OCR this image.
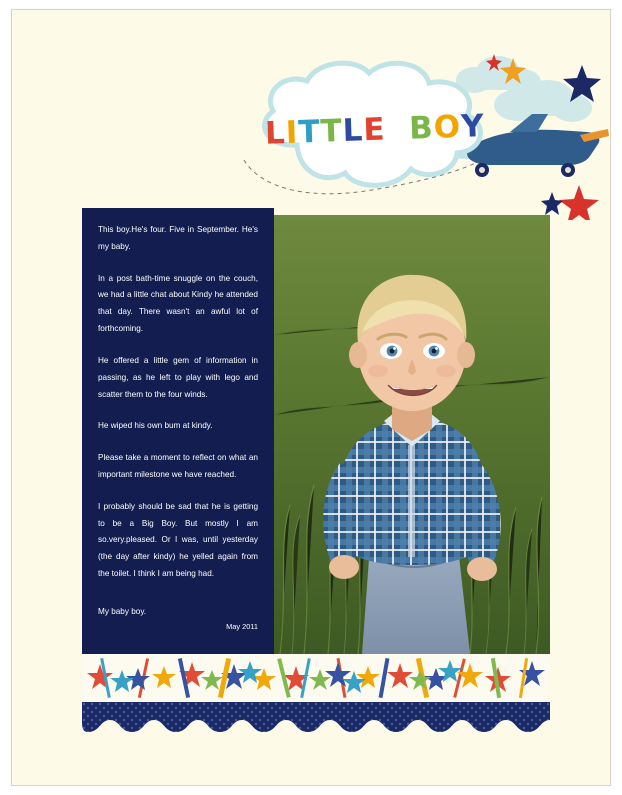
LITTLE BOY

This boy.He's four. Five in September. He's my baby.

In a post bath-time snuggle on the couch, we had a little chat about Kindy he attended that day. There wasn't an awful lot of forthcoming.

He offered a little gem of information in passing, as he left to play with lego and scatter them to the four winds.

He wiped his own bum at kindy.

Please take a moment to reflect on what an important milestone we have reached.

I probably should be sad that he is getting to be a Big Boy. But mostly I am so.very.pleased. Or I was, until yesterday (the day after kindy) he yelled again from the toilet. I think I am being had.

My baby boy.
May 2011
